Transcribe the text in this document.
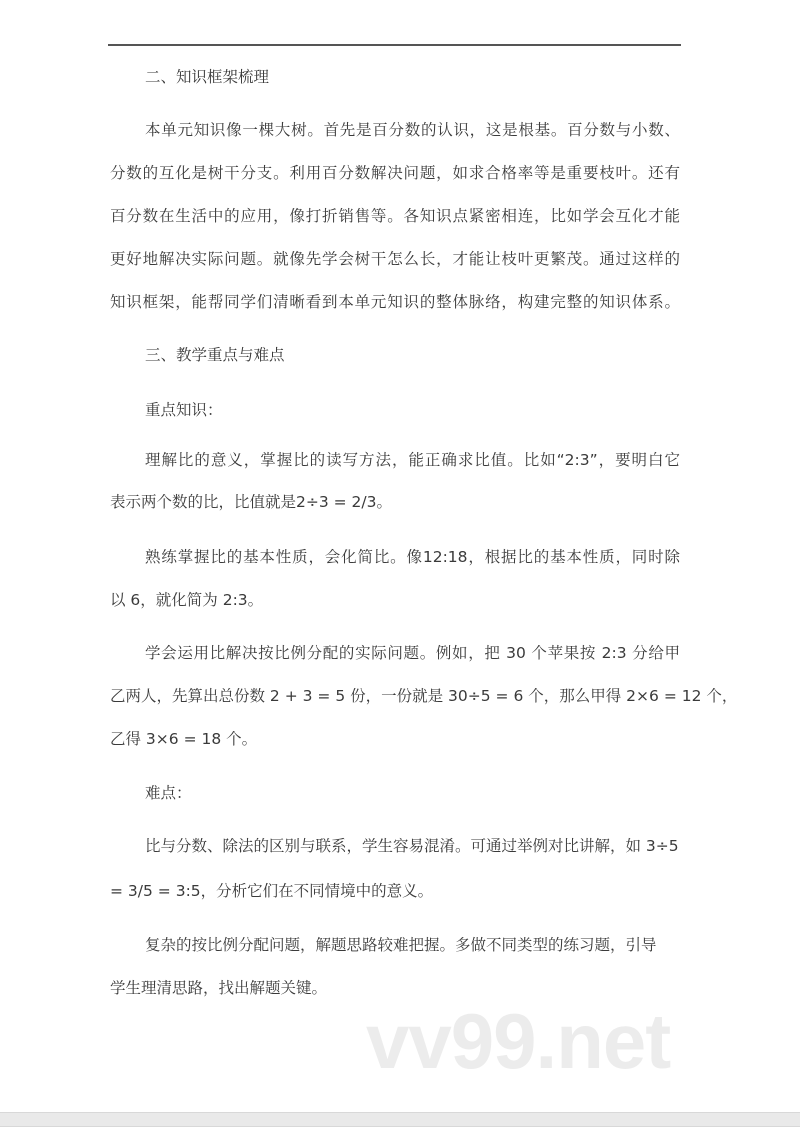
二、知识框架梳理
本单元知识像一棵大树。首先是百分数的认识，这是根基。百分数与小数、
分数的互化是树干分支。利用百分数解决问题，如求合格率等是重要枝叶。还有
百分数在生活中的应用，像打折销售等。各知识点紧密相连，比如学会互化才能
更好地解决实际问题。就像先学会树干怎么长，才能让枝叶更繁茂。通过这样的
知识框架，能帮同学们清晰看到本单元知识的整体脉络，构建完整的知识体系。
三、教学重点与难点
重点知识：
理解比的意义，掌握比的读写方法，能正确求比值。比如“2:3”，要明白它
表示两个数的比，比值就是2÷3 = 2/3。
熟练掌握比的基本性质，会化简比。像12:18，根据比的基本性质，同时除
以 6，就化简为 2:3。
学会运用比解决按比例分配的实际问题。例如，把 30 个苹果按 2:3 分给甲
乙两人，先算出总份数 2 + 3 = 5 份，一份就是 30÷5 = 6 个，那么甲得 2×6 = 12 个，
乙得 3×6 = 18 个。
难点：
比与分数、除法的区别与联系，学生容易混淆。可通过举例对比讲解，如 3÷5
= 3/5 = 3:5，分析它们在不同情境中的意义。
复杂的按比例分配问题，解题思路较难把握。多做不同类型的练习题，引导
学生理清思路，找出解题关键。
vv99.net
